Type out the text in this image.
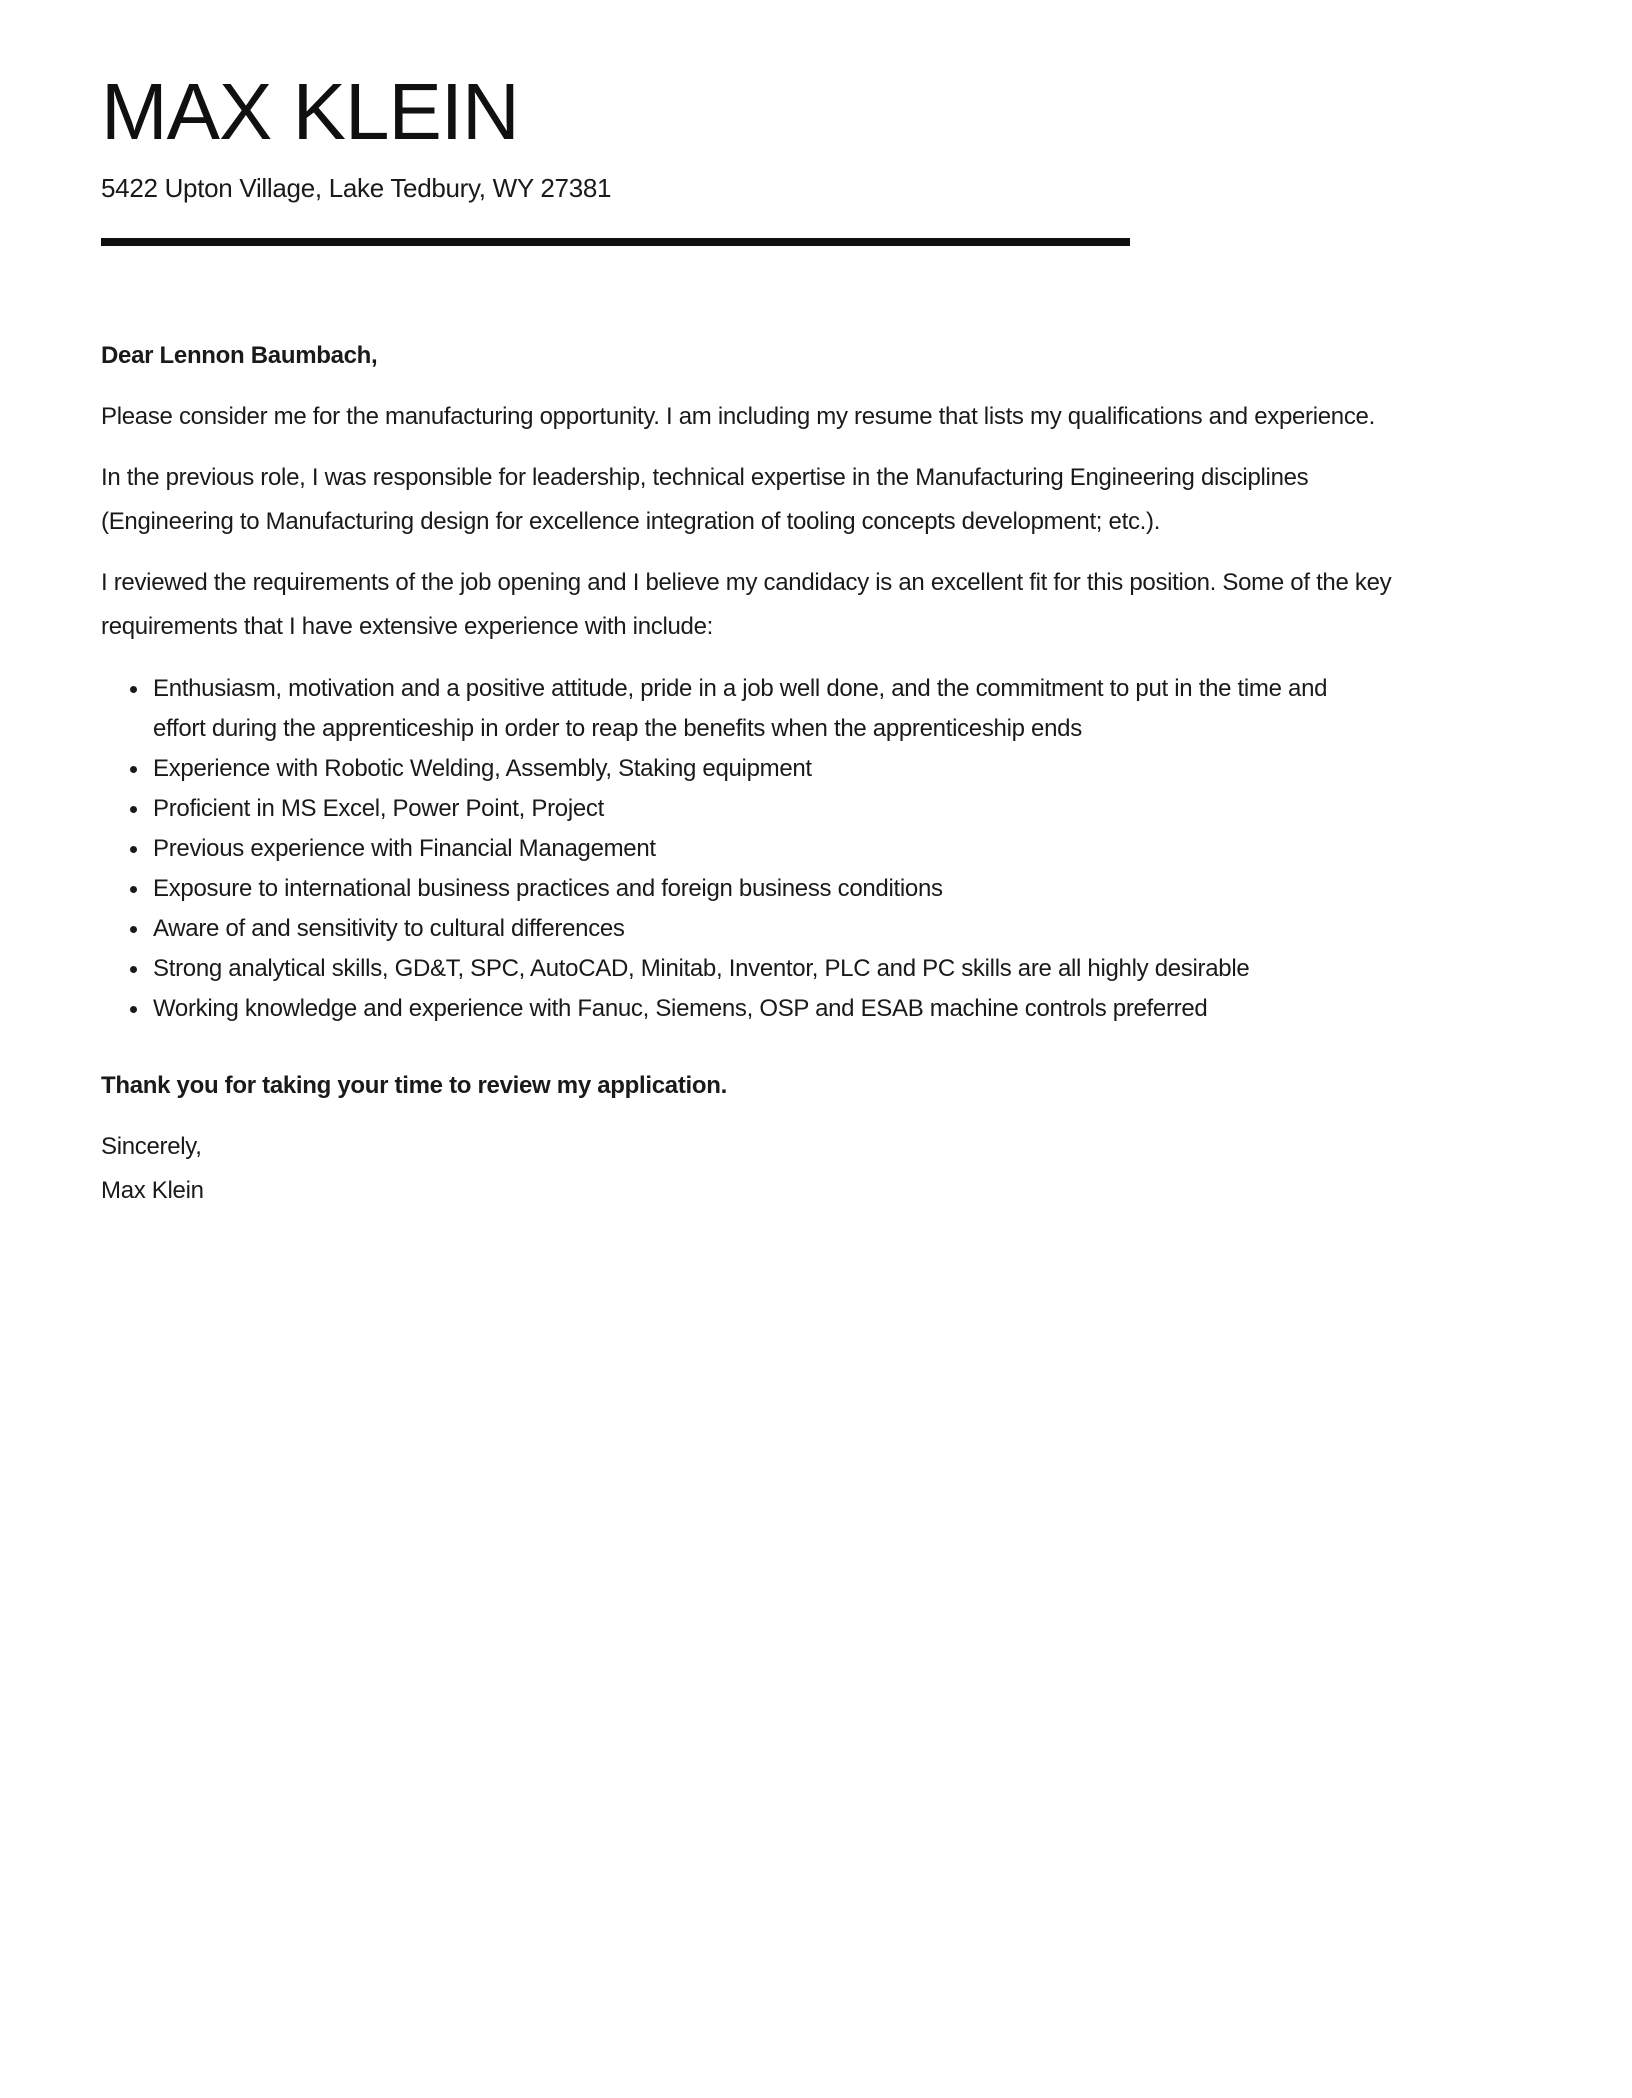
MAX KLEIN
5422 Upton Village, Lake Tedbury, WY 27381

Dear Lennon Baumbach,

Please consider me for the manufacturing opportunity. I am including my resume that lists my qualifications and experience.
In the previous role, I was responsible for leadership, technical expertise in the Manufacturing Engineering disciplines
(Engineering to Manufacturing design for excellence integration of tooling concepts development; etc.).
I reviewed the requirements of the job opening and I believe my candidacy is an excellent fit for this position. Some of the key
requirements that I have extensive experience with include:
Enthusiasm, motivation and a positive attitude, pride in a job well done, and the commitment to put in the time and
effort during the apprenticeship in order to reap the benefits when the apprenticeship ends
Experience with Robotic Welding, Assembly, Staking equipment
Proficient in MS Excel, Power Point, Project
Previous experience with Financial Management
Exposure to international business practices and foreign business conditions
Aware of and sensitivity to cultural differences
Strong analytical skills, GD&T, SPC, AutoCAD, Minitab, Inventor, PLC and PC skills are all highly desirable
Working knowledge and experience with Fanuc, Siemens, OSP and ESAB machine controls preferred

Thank you for taking your time to review my application.

Sincerely,
Max Klein
